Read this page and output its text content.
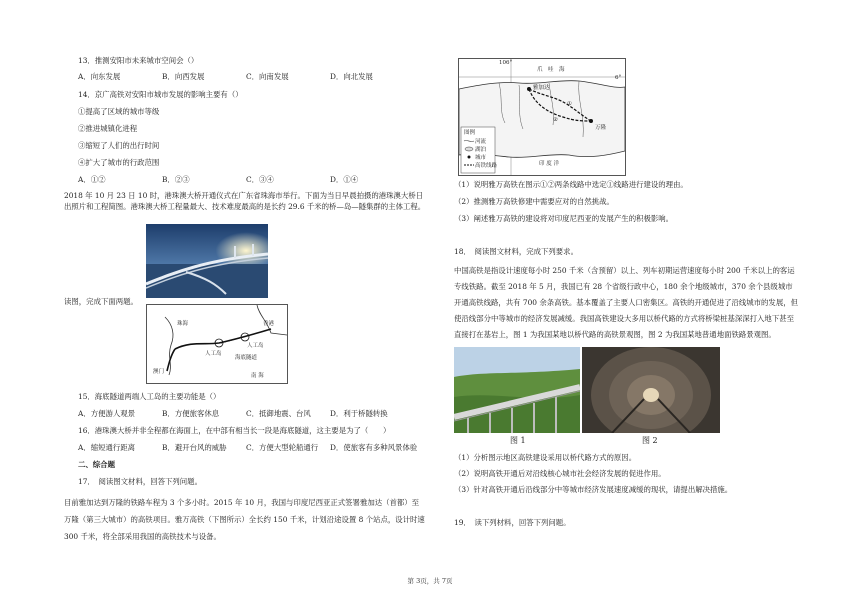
13．推测安阳市未来城市空间会（）
A．向东发展	B．向西发展	C．向南发展	D．向北发展
14．京广高铁对安阳市城市发展的影响主要有（）
①提高了区域的城市等级
②推进城镇化进程
③缩短了人们的出行时间
④扩大了城市的行政范围
A．①②	B．②③	C．③④	D．①④
2018 年 10 月 23 日 10 时，港珠澳大桥开通仪式在广东省珠海市举行。下面为当日早晨拍摄的港珠澳大桥日出照片和工程简图。港珠澳大桥工程量最大、技术难度最高的是长约 29.6 千米的桥—岛—隧集群的主体工程。
读图，完成下面两题。
珠海	香港
澳门
人工岛
人工岛
海底隧道
南 海
15．海底隧道两端人工岛的主要功能是（）
A．方便游人观景	B．方便旅客休息	C．抵御地震、台风	D．利于桥隧转换
16．港珠澳大桥并非全程都在海面上，在中部有相当长一段是海底隧道，这主要是为了（　　）
A．缩短通行距离	B．避开台风的威胁	C．方便大型轮船通行 D．使旅客有多种风景体验
二、综合题
17．　阅读图文材料，回答下列问题。
目前雅加达到万隆的铁路车程为 3 个多小时。2015 年 10 月，我国与印度尼西亚正式签署雅加达（首都）至万隆（第三大城市）的高铁项目。雅万高铁（下图所示）全长约 150 千米，计划沿途设置 8 个站点，设计时速 300 千米，将全部采用我国的高铁技术与设备。
106°
6°
爪　哇　海
雅加达
万隆
①
②
印 度 洋
图例
河流
湖泊
城市
高铁线路
（1）说明雅万高铁在图示①②两条线路中选定①线路进行建设的理由。
（2）推测雅万高铁修建中需要应对的自然挑战。
（3）阐述雅万高铁的建设将对印度尼西亚的发展产生的积极影响。
18．　阅读图文材料，完成下列要求。
中国高铁是指设计速度每小时 250 千米（含预留）以上、列车初期运营速度每小时 200 千米以上的客运专线铁路。截至 2018 年 5 月，我国已有 28 个省级行政中心，180 余个地级城市，370 余个县级城市开通高铁线路，共有 700 余条高铁。基本覆盖了主要人口密集区。高铁的开通促进了沿线城市的发展，但使沿线部分中等城市的经济发展减缓。我国高铁建设大多用以桥代路的方式将桥梁桩基深深打入地下甚至直接打在基岩上，图 1 为我国某地以桥代路的高铁景观图，图 2 为我国某地普通地面铁路景观图。
图 1	图 2
（1）分析图示地区高铁建设采用以桥代路方式的原因。
（2）说明高铁开通后对沿线核心城市社会经济发展的促进作用。
（3）针对高铁开通后沿线部分中等城市经济发展速度减缓的现状，请提出解决措施。
19．　读下列材料，回答下列问题。
第 3页，共 7页
